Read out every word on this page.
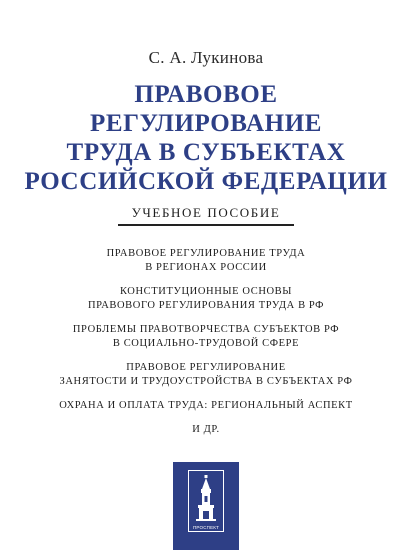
С. А. Лукинова
ПРАВОВОЕ
РЕГУЛИРОВАНИЕ
ТРУДА В СУБЪЕКТАХ
РОССИЙСКОЙ ФЕДЕРАЦИИ
УЧЕБНОЕ ПОСОБИЕ
ПРАВОВОЕ РЕГУЛИРОВАНИЕ ТРУДА
В РЕГИОНАХ РОССИИ
КОНСТИТУЦИОННЫЕ ОСНОВЫ
ПРАВОВОГО РЕГУЛИРОВАНИЯ ТРУДА В РФ
ПРОБЛЕМЫ ПРАВОТВОРЧЕСТВА СУБЪЕКТОВ РФ
В СОЦИАЛЬНО-ТРУДОВОЙ СФЕРЕ
ПРАВОВОЕ РЕГУЛИРОВАНИЕ
ЗАНЯТОСТИ И ТРУДОУСТРОЙСТВА В СУБЪЕКТАХ РФ
ОХРАНА И ОПЛАТА ТРУДА: РЕГИОНАЛЬНЫЙ АСПЕКТ
И ДР.
ПРОСПЕКТ
